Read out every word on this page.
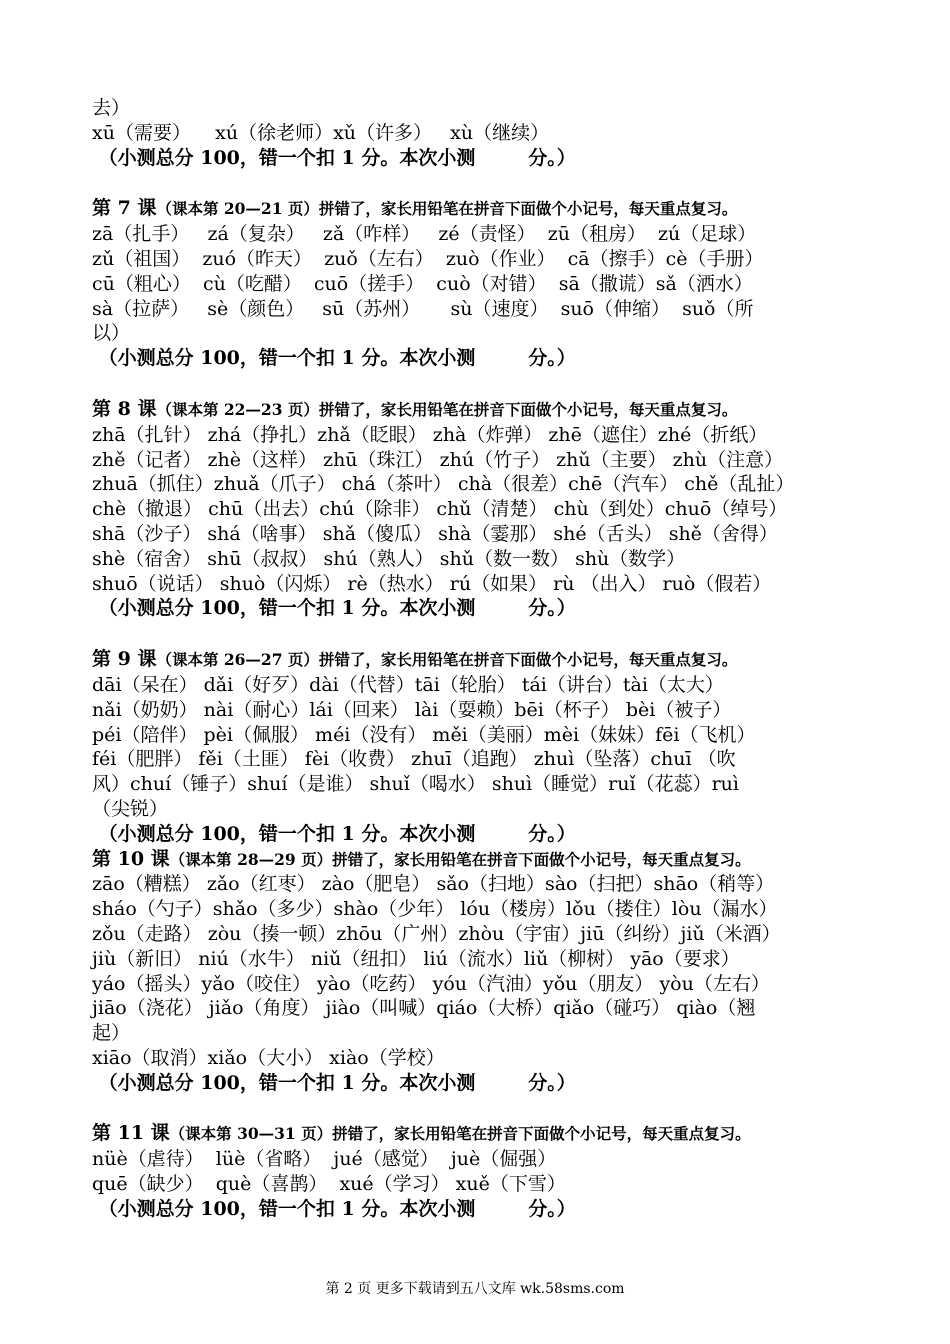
去）
xū（需要）    xú（徐老师）xǔ（许多）   xù（继续）
（小测总分 100，错一个扣 1 分。本次小测        分。）
第 7 课（课本第 20—21 页）拼错了，家长用铅笔在拼音下面做个小记号，每天重点复习。
zā（扎手）   zá（复杂）   zǎ（咋样）   zé（责怪）  zū（租房）  zú（足球）
zǔ（祖国）  zuó（昨天）  zuǒ（左右）  zuò（作业）  cā（擦手）cè（手册）
cū（粗心）  cù（吃醋）  cuō（搓手）  cuò（对错）  sā（撒谎）sǎ（洒水）
sà（拉萨）   sè（颜色）   sū（苏州）     sù（速度）  suō（伸缩）  suǒ（所
以）
（小测总分 100，错一个扣 1 分。本次小测        分。）
第 8 课（课本第 22—23 页）拼错了，家长用铅笔在拼音下面做个小记号，每天重点复习。
zhā（扎针） zhá（挣扎）zhǎ（眨眼） zhà（炸弹） zhē（遮住）zhé（折纸）
zhě（记者） zhè（这样） zhū（珠江） zhú（竹子） zhǔ（主要） zhù（注意）
zhuā（抓住）zhuǎ（爪子） chá（茶叶） chà（很差）chē（汽车） chě（乱扯）
chè（撤退） chū（出去）chú（除非） chǔ（清楚） chù（到处）chuō（绰号）
shā（沙子） shá（啥事） shǎ（傻瓜） shà（霎那） shé（舌头） shě（舍得）
shè（宿舍） shū（叔叔） shú（熟人） shǔ（数一数） shù（数学）
shuō（说话） shuò（闪烁） rè（热水） rú（如果） rù （出入） ruò（假若）
（小测总分 100，错一个扣 1 分。本次小测        分。）
第 9 课（课本第 26—27 页）拼错了，家长用铅笔在拼音下面做个小记号，每天重点复习。
dāi（呆在） dǎi（好歹）dài（代替）tāi（轮胎） tái（讲台）tài（太大）
nǎi（奶奶） nài（耐心）lái（回来） lài（耍赖）bēi（杯子） bèi（被子）
péi（陪伴） pèi（佩服） méi（没有） měi（美丽）mèi（妹妹）fēi（飞机）
féi（肥胖） fěi（土匪） fèi（收费） zhuī（追跑） zhuì（坠落）chuī （吹
风）chuí（锤子）shuí（是谁） shuǐ（喝水） shuì（睡觉）ruǐ（花蕊）ruì
（尖锐）
（小测总分 100，错一个扣 1 分。本次小测        分。）
第 10 课（课本第 28—29 页）拼错了，家长用铅笔在拼音下面做个小记号，每天重点复习。
zāo（糟糕） zǎo（红枣） zào（肥皂） sǎo（扫地）sào（扫把）shāo（稍等）
sháo（勺子）shǎo（多少）shào（少年） lóu（楼房）lǒu（搂住）lòu（漏水）
zǒu（走路） zòu（揍一顿）zhōu（广州）zhòu（宇宙）jiū（纠纷）jiǔ（米酒）
jiù（新旧） niú（水牛） niǔ（纽扣） liú（流水）liǔ（柳树） yāo（要求）
yáo（摇头）yǎo（咬住） yào（吃药） yóu（汽油）yǒu（朋友） yòu（左右）
jiāo（浇花） jiǎo（角度） jiào（叫喊）qiáo（大桥）qiǎo（碰巧） qiào（翘
起）
xiāo（取消）xiǎo（大小） xiào（学校）
（小测总分 100，错一个扣 1 分。本次小测        分。）
第 11 课（课本第 30—31 页）拼错了，家长用铅笔在拼音下面做个小记号，每天重点复习。
nüè（虐待）  lüè（省略）  jué（感觉）  juè（倔强）
quē（缺少）  què（喜鹊）  xué（学习） xuě（下雪）
（小测总分 100，错一个扣 1 分。本次小测        分。）
第 2 页 更多下载请到五八文库 wk.58sms.com
